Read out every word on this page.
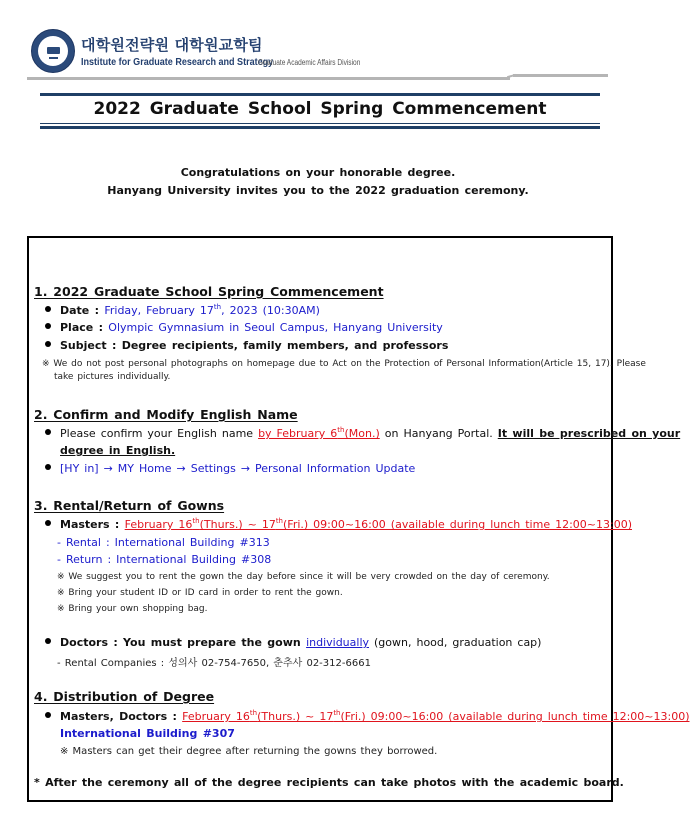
대학원전략원 대학원교학팀
Institute for Graduate Research and Strategy
Graduate Academic Affairs Division
2022 Graduate School Spring Commencement
Congratulations on your honorable degree.
Hanyang University invites you to the 2022 graduation ceremony.
1. 2022 Graduate School Spring Commencement
Date : Friday, February 17th, 2023 (10:30AM)
Place : Olympic Gymnasium in Seoul Campus, Hanyang University
Subject : Degree recipients, family members, and professors
※ We do not post personal photographs on homepage due to Act on the Protection of Personal Information(Article 15, 17). Please
take pictures individually.
2. Confirm and Modify English Name
Please confirm your English name by February 6th(Mon.) on Hanyang Portal. It will be prescribed on your
degree in English.
[HY in] → MY Home → Settings → Personal Information Update
3. Rental/Return of Gowns
Masters : February 16th(Thurs.) ~ 17th(Fri.) 09:00~16:00 (available during lunch time 12:00~13:00)
- Rental : International Building #313
- Return : International Building #308
※ We suggest you to rent the gown the day before since it will be very crowded on the day of ceremony.
※ Bring your student ID or ID card in order to rent the gown.
※ Bring your own shopping bag.
Doctors : You must prepare the gown individually (gown, hood, graduation cap)
- Rental Companies : 성의사 02-754-7650, 춘추사 02-312-6661
4. Distribution of Degree
Masters, Doctors : February 16th(Thurs.) ~ 17th(Fri.) 09:00~16:00 (available during lunch time 12:00~13:00)
International Building #307
※ Masters can get their degree after returning the gowns they borrowed.
* After the ceremony all of the degree recipients can take photos with the academic board.
